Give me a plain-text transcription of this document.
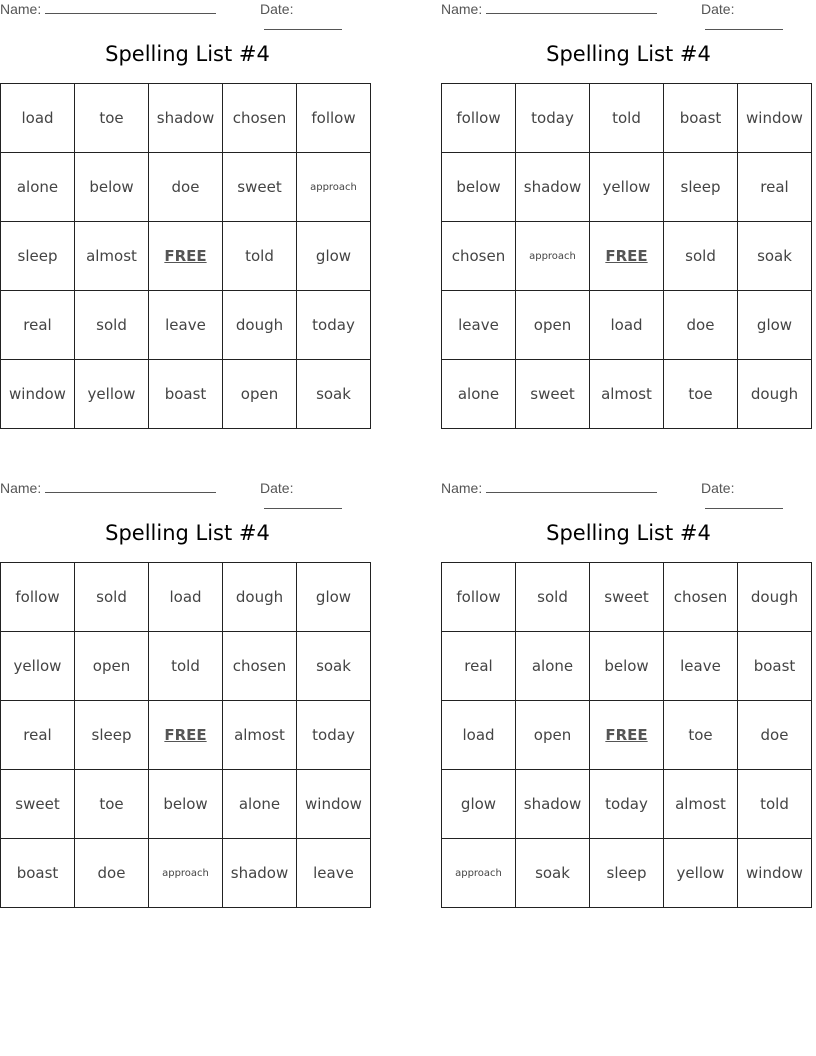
Name:	Date:
Spelling List #4
load	toe	shadow	chosen	follow
alone	below	doe	sweet	approach
sleep	almost	FREE	told	glow
real	sold	leave	dough	today
window	yellow	boast	open	soak
Name:	Date:
Spelling List #4
follow	today	told	boast	window
below	shadow	yellow	sleep	real
chosen	approach	FREE	sold	soak
leave	open	load	doe	glow
alone	sweet	almost	toe	dough
Name:	Date:
Spelling List #4
follow	sold	load	dough	glow
yellow	open	told	chosen	soak
real	sleep	FREE	almost	today
sweet	toe	below	alone	window
boast	doe	approach	shadow	leave
Name:	Date:
Spelling List #4
follow	sold	sweet	chosen	dough
real	alone	below	leave	boast
load	open	FREE	toe	doe
glow	shadow	today	almost	told
approach	soak	sleep	yellow	window
